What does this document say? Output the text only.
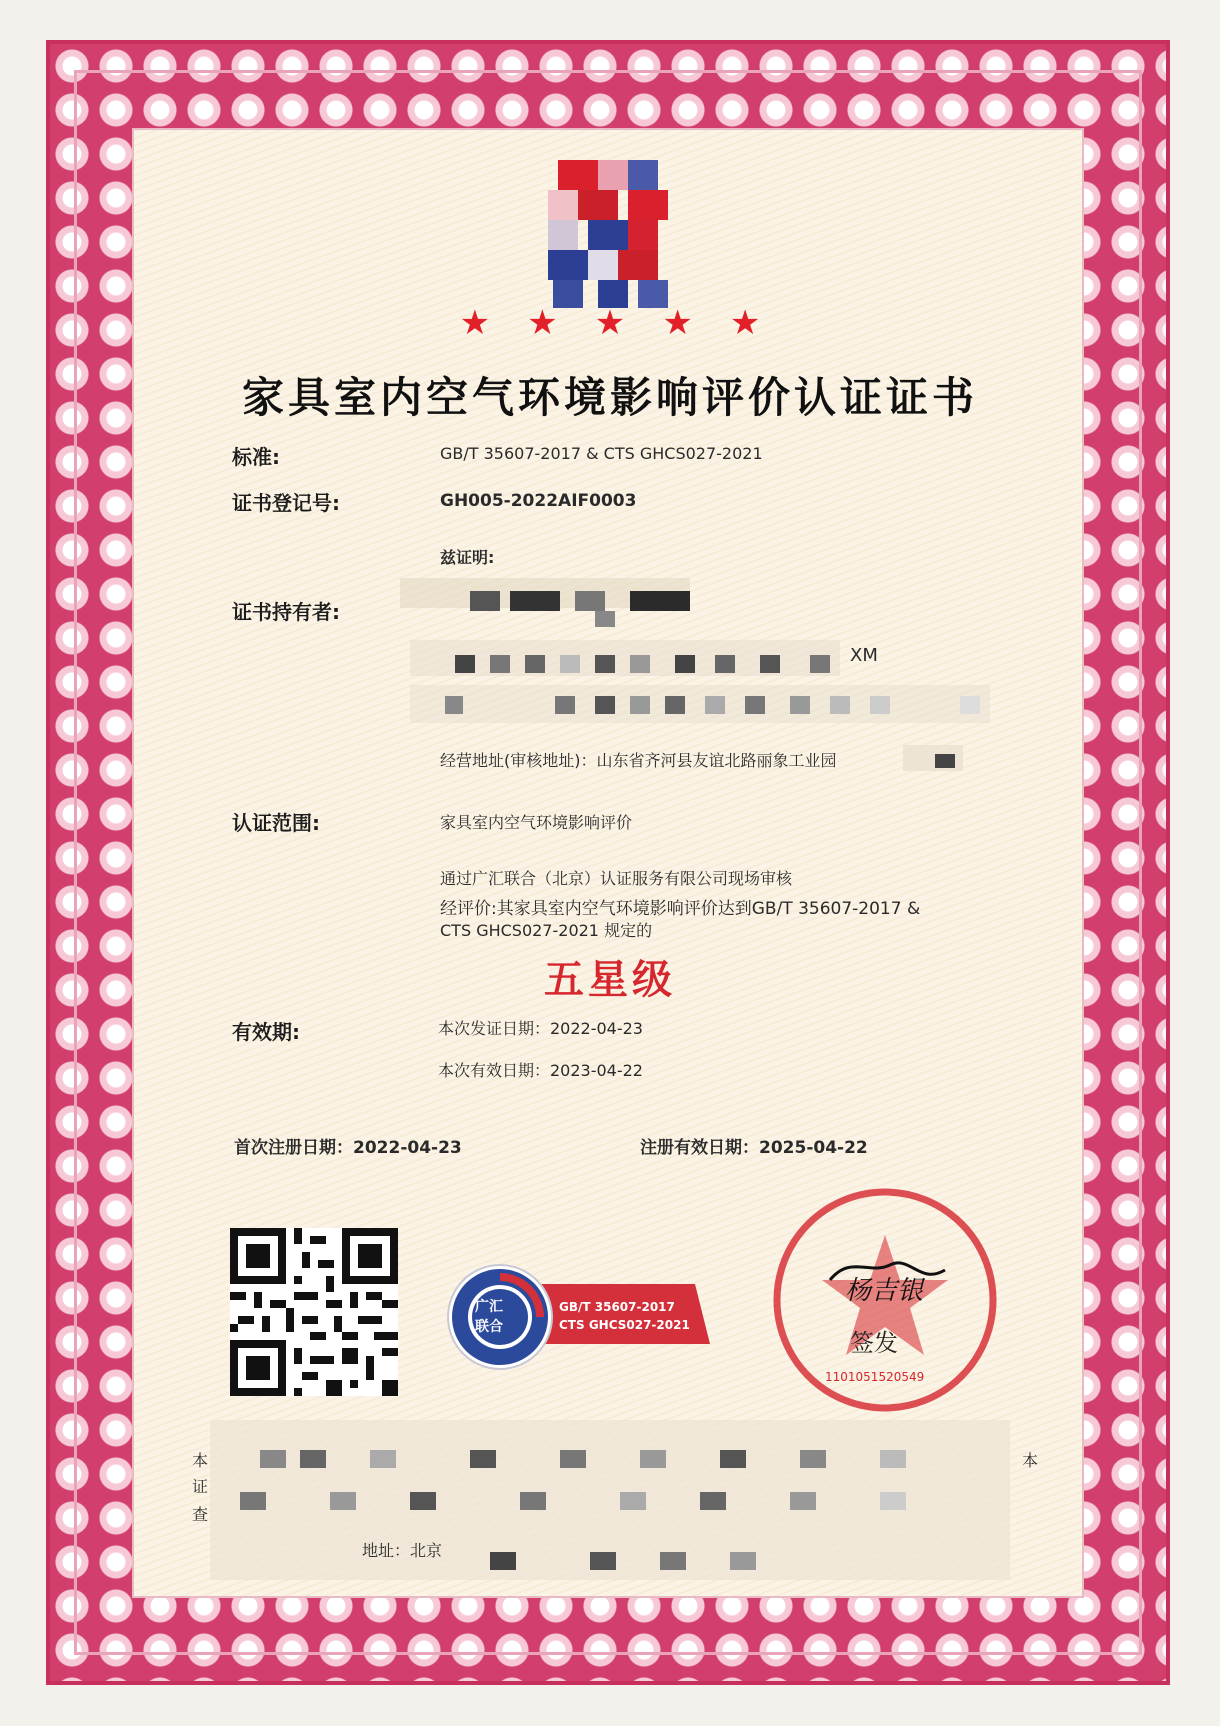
★ ★ ★ ★ ★
家具室内空气环境影响评价认证证书
标准:	GB/T 35607-2017 & CTS GHCS027-2021
证书登记号:	GH005-2022AIF0003
兹证明:
证书持有者:
XM
经营地址(审核地址)：山东省齐河县友谊北路丽象工业园
认证范围:	家具室内空气环境影响评价
通过广汇联合（北京）认证服务有限公司现场审核
经评价:其家具室内空气环境影响评价达到GB/T 35607-2017 &
CTS GHCS027-2021 规定的
五星级
有效期:	本次发证日期：2022-04-23
本次有效日期：2023-04-22
首次注册日期：2022-04-23	注册有效日期：2025-04-22
广汇
联合
GB/T 35607-2017
CTS GHCS027-2021
杨吉银
签发
1101051520549
本
证
查
本
地址：北京
